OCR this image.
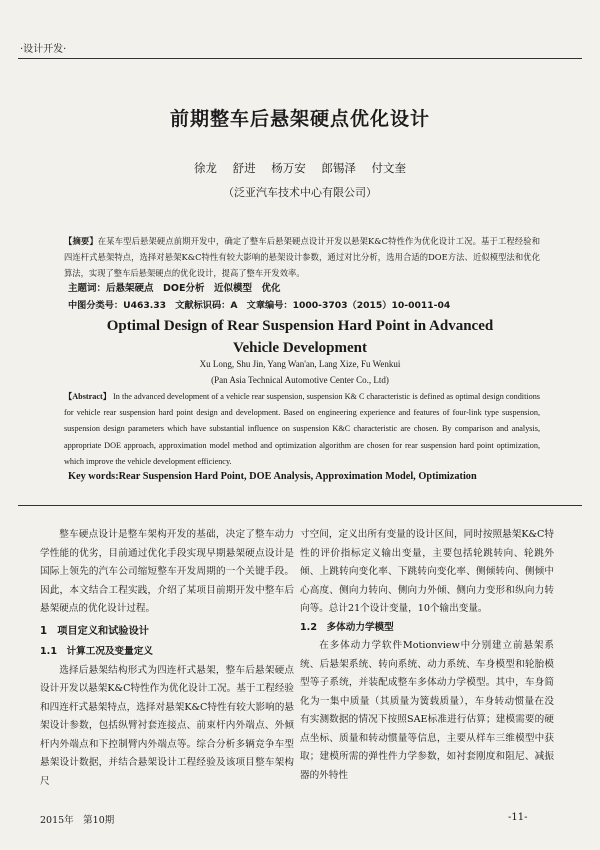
·设计开发·
前期整车后悬架硬点优化设计
徐龙 舒进 杨万安 郎锡泽 付文奎
（泛亚汽车技术中心有限公司）
【摘要】在某车型后悬架硬点前期开发中，确定了整车后悬架硬点设计开发以悬架K&C特性作为优化设计工况。基于工程经验和四连杆式悬架特点，选择对悬架K&C特性有较大影响的悬架设计参数，通过对比分析，选用合适的DOE方法、近似模型法和优化算法，实现了整车后悬架硬点的优化设计，提高了整车开发效率。
主题词：后悬架硬点　DOE分析　近似模型　优化
中图分类号：U463.33　文献标识码：A　文章编号：1000-3703（2015）10-0011-04
Optimal Design of Rear Suspension Hard Point in Advanced
Vehicle Development
Xu Long, Shu Jin, Yang Wan'an, Lang Xize, Fu Wenkui
(Pan Asia Technical Automotive Center Co., Ltd)
【Abstract】 In the advanced development of a vehicle rear suspension, suspension K& C characteristic is defined as optimal design conditions for vehicle rear suspension hard point design and development. Based on engineering experience and features of four-link type suspension, suspension design parameters which have substantial influence on suspension K&C characteristic are chosen. By comparison and analysis, appropriate DOE approach, approximation model method and optimization algorithm are chosen for rear suspension hard point optimization, which improve the vehicle development efficiency.
Key words:Rear Suspension Hard Point, DOE Analysis, Approximation Model, Optimization

整车硬点设计是整车架构开发的基础，决定了整车动力学性能的优劣，目前通过优化手段实现早期悬架硬点设计是国际上领先的汽车公司缩短整车开发周期的一个关键手段。因此，本文结合工程实践，介绍了某项目前期开发中整车后悬架硬点的优化设计过程。

1　项目定义和试验设计

1.1　计算工况及变量定义

选择后悬架结构形式为四连杆式悬架，整车后悬架硬点设计开发以悬架K&C特性作为优化设计工况。基于工程经验和四连杆式悬架特点，选择对悬架K&C特性有较大影响的悬架设计参数，包括纵臂衬套连接点、前束杆内外端点、外倾杆内外端点和下控制臂内外端点等。综合分析多辆竞争车型悬架设计数据，并结合悬架设计工程经验及该项目整车架构尺

寸空间，定义出所有变量的设计区间，同时按照悬架K&C特性的评价指标定义输出变量，主要包括轮跳转向、轮跳外倾、上跳转向变化率、下跳转向变化率、侧倾转向、侧倾中心高度、侧向力转向、侧向力外倾、侧向力变形和纵向力转向等。总计21个设计变量，10个输出变量。

1.2　多体动力学模型

在多体动力学软件Motionview中分别建立前悬架系统、后悬架系统、转向系统、动力系统、车身模型和轮胎模型等子系统，并装配成整车多体动力学模型。其中，车身简化为一集中质量（其质量为簧载质量），车身转动惯量在没有实测数据的情况下按照SAE标准进行估算；建模需要的硬点坐标、质量和转动惯量等信息，主要从样车三维模型中获取；建模所需的弹性件力学参数，如衬套刚度和阻尼、减振器的外特性

2015年　第10期	-11-
